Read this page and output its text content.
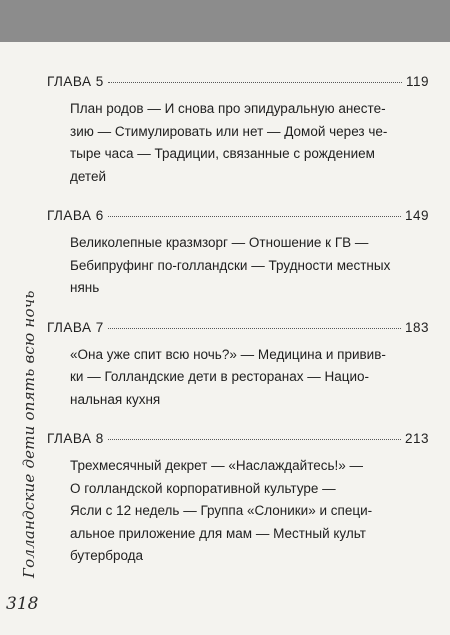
Голландские дети опять всю ночь
318
ГЛАВА 5	119
План родов — И снова про эпидуральную анесте-
зию — Стимулировать или нет — Домой через че-
тыре часа — Традиции, связанные с рождением
детей
ГЛАВА 6	149
Великолепные кразмзорг — Отношение к ГВ —
Бебипруфинг по-голландски — Трудности местных
нянь
ГЛАВА 7	183
«Она уже спит всю ночь?» — Медицина и привив-
ки — Голландские дети в ресторанах — Нацио-
нальная кухня
ГЛАВА 8	213
Трехмесячный декрет — «Наслаждайтесь!» —
О голландской корпоративной культуре —
Ясли с 12 недель — Группа «Слоники» и специ-
альное приложение для мам — Местный культ
бутерброда
